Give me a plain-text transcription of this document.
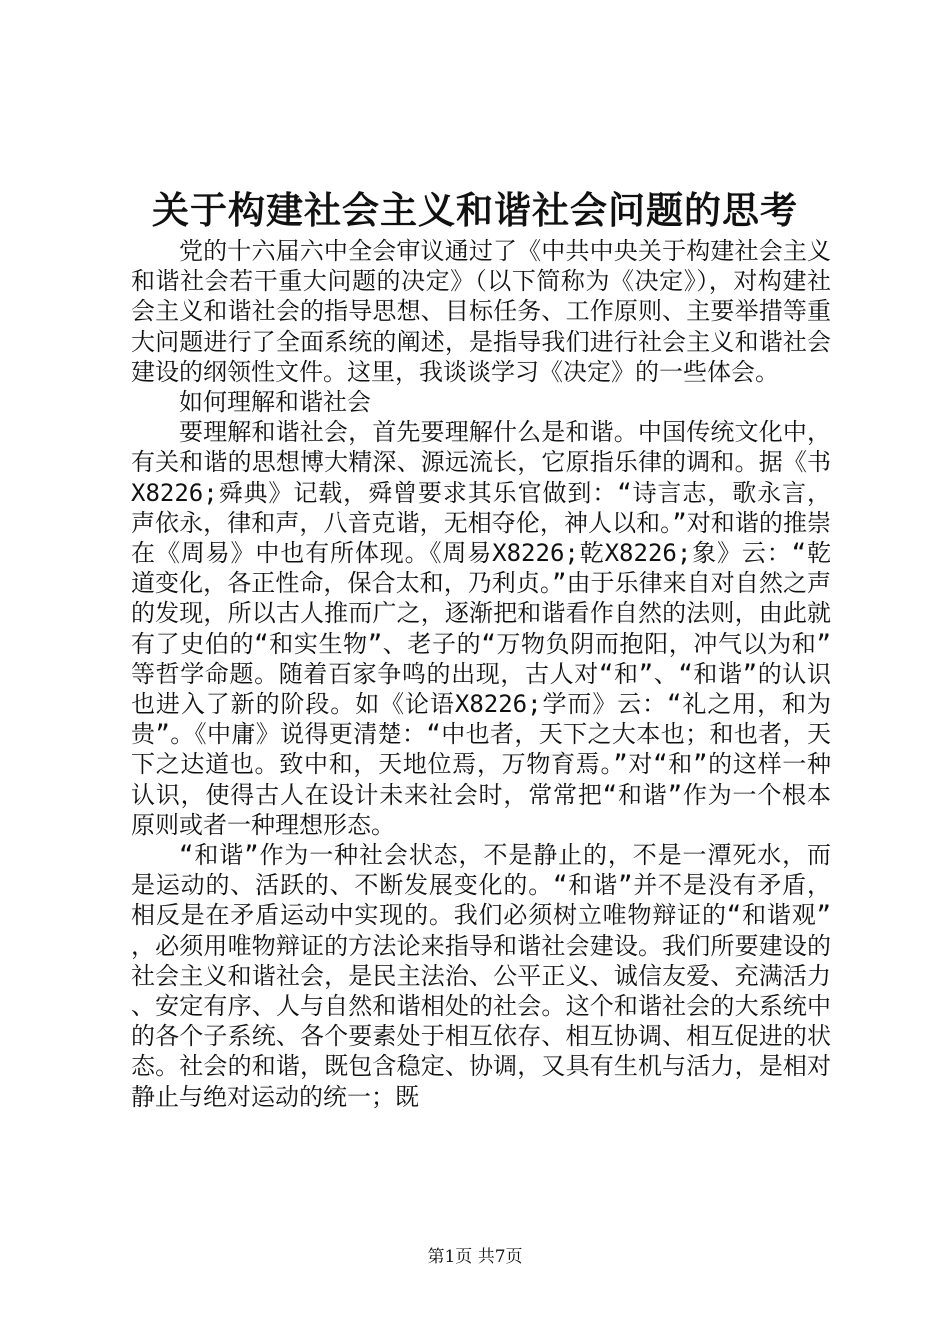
关于构建社会主义和谐社会问题的思考

党的十六届六中全会审议通过了《中共中央关于构建社会主义和谐社会若干重大问题的决定》（以下简称为《决定》），对构建社会主义和谐社会的指导思想、目标任务、工作原则、主要举措等重大问题进行了全面系统的阐述，是指导我们进行社会主义和谐社会建设的纲领性文件。这里，我谈谈学习《决定》的一些体会。

如何理解和谐社会

要理解和谐社会，首先要理解什么是和谐。中国传统文化中，有关和谐的思想博大精深、源远流长，它原指乐律的调和。据《书X8226;舜典》记载，舜曾要求其乐官做到：“诗言志，歌永言，声依永，律和声，八音克谐，无相夺伦，神人以和。”对和谐的推崇在《周易》中也有所体现。《周易X8226;乾X8226;象》云：“乾道变化，各正性命，保合太和，乃利贞。”由于乐律来自对自然之声的发现，所以古人推而广之，逐渐把和谐看作自然的法则，由此就有了史伯的“和实生物”、老子的“万物负阴而抱阳，冲气以为和”等哲学命题。随着百家争鸣的出现，古人对“和”、“和谐”的认识也进入了新的阶段。如《论语X8226;学而》云：“礼之用，和为贵”。《中庸》说得更清楚：“中也者，天下之大本也；和也者，天下之达道也。致中和，天地位焉，万物育焉。”对“和”的这样一种认识，使得古人在设计未来社会时，常常把“和谐”作为一个根本原则或者一种理想形态。

“和谐”作为一种社会状态，不是静止的，不是一潭死水，而是运动的、活跃的、不断发展变化的。“和谐”并不是没有矛盾，相反是在矛盾运动中实现的。我们必须树立唯物辩证的“和谐观”，必须用唯物辩证的方法论来指导和谐社会建设。我们所要建设的社会主义和谐社会，是民主法治、公平正义、诚信友爱、充满活力、安定有序、人与自然和谐相处的社会。这个和谐社会的大系统中的各个子系统、各个要素处于相互依存、相互协调、相互促进的状态。社会的和谐，既包含稳定、协调，又具有生机与活力，是相对静止与绝对运动的统一；既

第1页 共7页
